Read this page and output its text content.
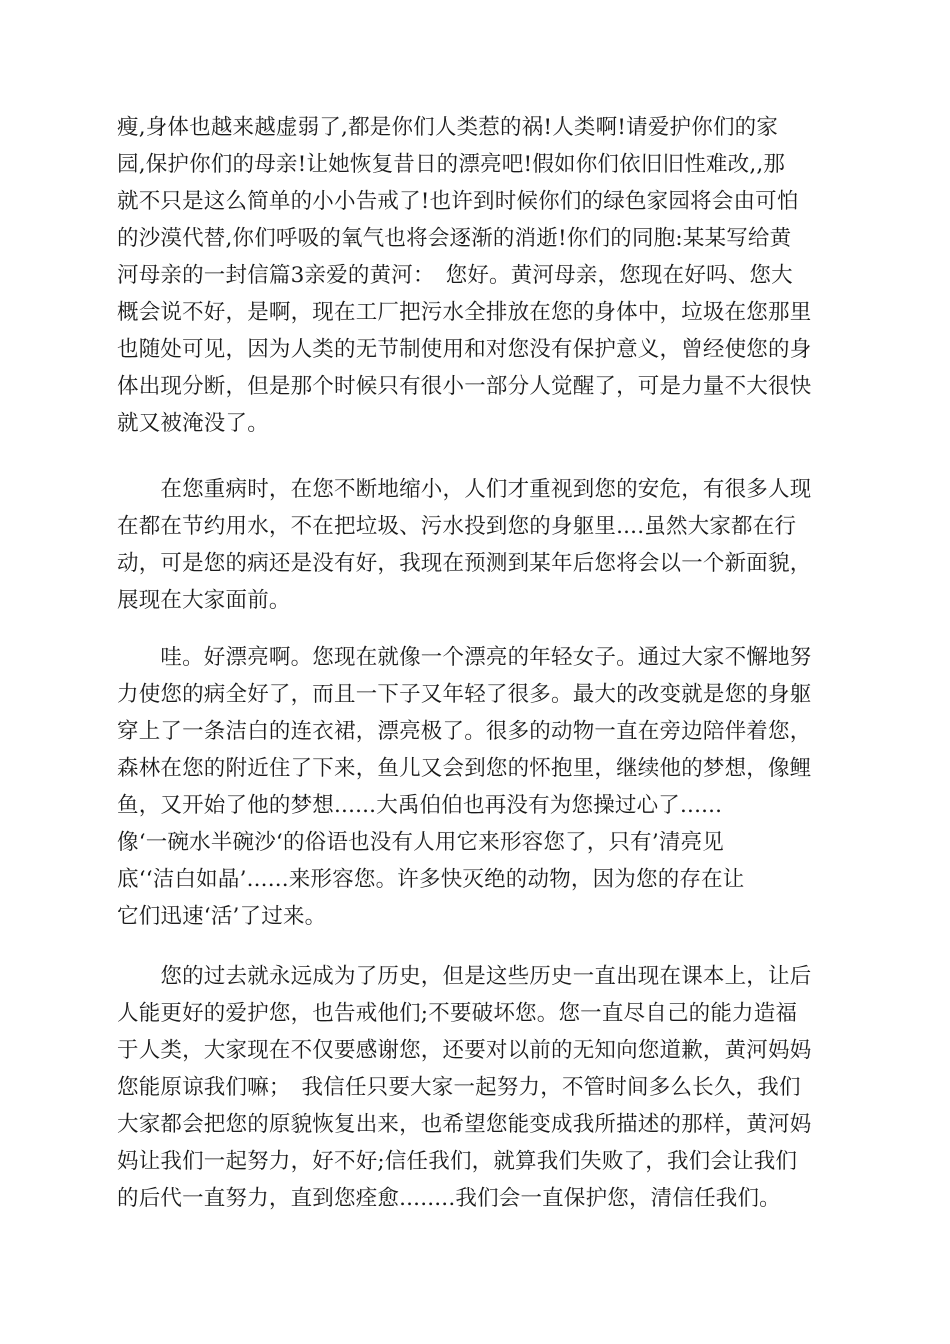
瘦,身体也越来越虚弱了,都是你们人类惹的祸!人类啊!请爱护你们的家
园,保护你们的母亲!让她恢复昔日的漂亮吧!假如你们依旧旧性难改,,那
就不只是这么简单的小小告戒了!也许到时候你们的绿色家园将会由可怕
的沙漠代替,你们呼吸的氧气也将会逐渐的消逝!你们的同胞:某某写给黄
河母亲的一封信篇3亲爱的黄河：　您好。黄河母亲，您现在好吗、您大
概会说不好，是啊，现在工厂把污水全排放在您的身体中，垃圾在您那里
也随处可见，因为人类的无节制使用和对您没有保护意义，曾经使您的身
体出现分断，但是那个时候只有很小一部分人觉醒了，可是力量不大很快
就又被淹没了。

　　在您重病时，在您不断地缩小，人们才重视到您的安危，有很多人现
在都在节约用水，不在把垃圾、污水投到您的身躯里....虽然大家都在行
动，可是您的病还是没有好，我现在预测到某年后您将会以一个新面貌，
展现在大家面前。

　　哇。好漂亮啊。您现在就像一个漂亮的年轻女子。通过大家不懈地努
力使您的病全好了，而且一下子又年轻了很多。最大的改变就是您的身躯
穿上了一条洁白的连衣裙，漂亮极了。很多的动物一直在旁边陪伴着您，
森林在您的附近住了下来，鱼儿又会到您的怀抱里，继续他的梦想，像鲤
鱼，又开始了他的梦想......大禹伯伯也再没有为您操过心了......
像‘一碗水半碗沙‘的俗语也没有人用它来形容您了，只有’清亮见
底‘‘洁白如晶’......来形容您。许多快灭绝的动物，因为您的存在让
它们迅速‘活’了过来。

　　您的过去就永远成为了历史，但是这些历史一直出现在课本上，让后
人能更好的爱护您，也告戒他们;不要破坏您。您一直尽自己的能力造福
于人类，大家现在不仅要感谢您，还要对以前的无知向您道歉，黄河妈妈
您能原谅我们嘛；　我信任只要大家一起努力，不管时间多么长久，我们
大家都会把您的原貌恢复出来，也希望您能变成我所描述的那样，黄河妈
妈让我们一起努力，好不好;信任我们，就算我们失败了，我们会让我们
的后代一直努力，直到您痊愈........我们会一直保护您，清信任我们。
